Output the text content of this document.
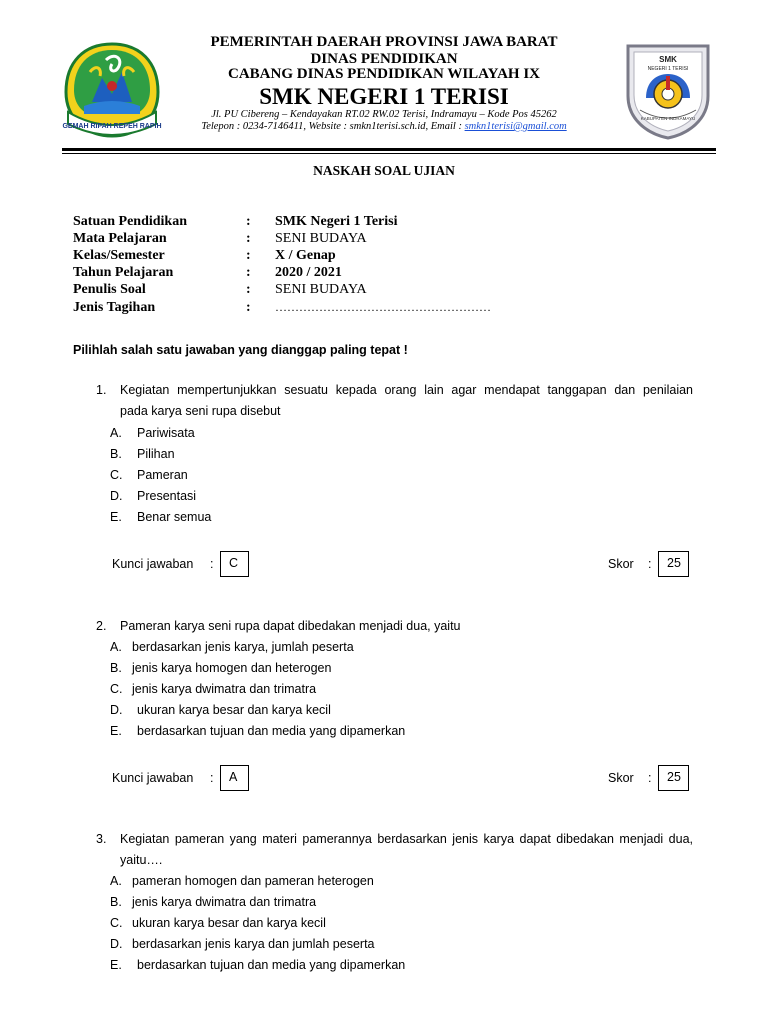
GEMAH RIPAH REPEH RAPIH
SMK
NEGERI 1 TERISI
KABUPATEN INDRAMAYU
PEMERINTAH DAERAH PROVINSI JAWA BARAT
DINAS PENDIDIKAN
CABANG DINAS PENDIDIKAN WILAYAH IX
SMK NEGERI 1 TERISI
Jl. PU Cibereng – Kendayakan RT.02 RW.02 Terisi, Indramayu – Kode Pos 45262
Telepon : 0234-7146411, Website : smkn1terisi.sch.id, Email : smkn1terisi@gmail.com
NASKAH SOAL UJIAN
Satuan Pendidikan	: SMK Negeri 1 Terisi
Mata Pelajaran	: SENI BUDAYA
Kelas/Semester	: X / Genap
Tahun Pelajaran	: 2020 / 2021
Penulis Soal	: SENI BUDAYA
Jenis Tagihan	: ………………………………………………
Pilihlah salah satu jawaban yang dianggap paling tepat !
1. Kegiatan mempertunjukkan sesuatu kepada orang lain agar mendapat tanggapan dan penilaian
pada karya seni rupa disebut
A. Pariwisata
B. Pilihan
C. Pameran
D. Presentasi
E. Benar semua
Kunci jawaban :	C	Skor :	25
2. Pameran karya seni rupa dapat dibedakan menjadi dua, yaitu
A. berdasarkan jenis karya, jumlah peserta
B. jenis karya homogen dan heterogen
C. jenis karya dwimatra dan trimatra
D. ukuran karya besar dan karya kecil
E. berdasarkan tujuan dan media yang dipamerkan
Kunci jawaban :	A	Skor :	25
3. Kegiatan pameran yang materi pamerannya berdasarkan jenis karya dapat dibedakan menjadi dua,
yaitu….
A. pameran homogen dan pameran heterogen
B. jenis karya dwimatra dan trimatra
C. ukuran karya besar dan karya kecil
D. berdasarkan jenis karya dan jumlah peserta
E. berdasarkan tujuan dan media yang dipamerkan
